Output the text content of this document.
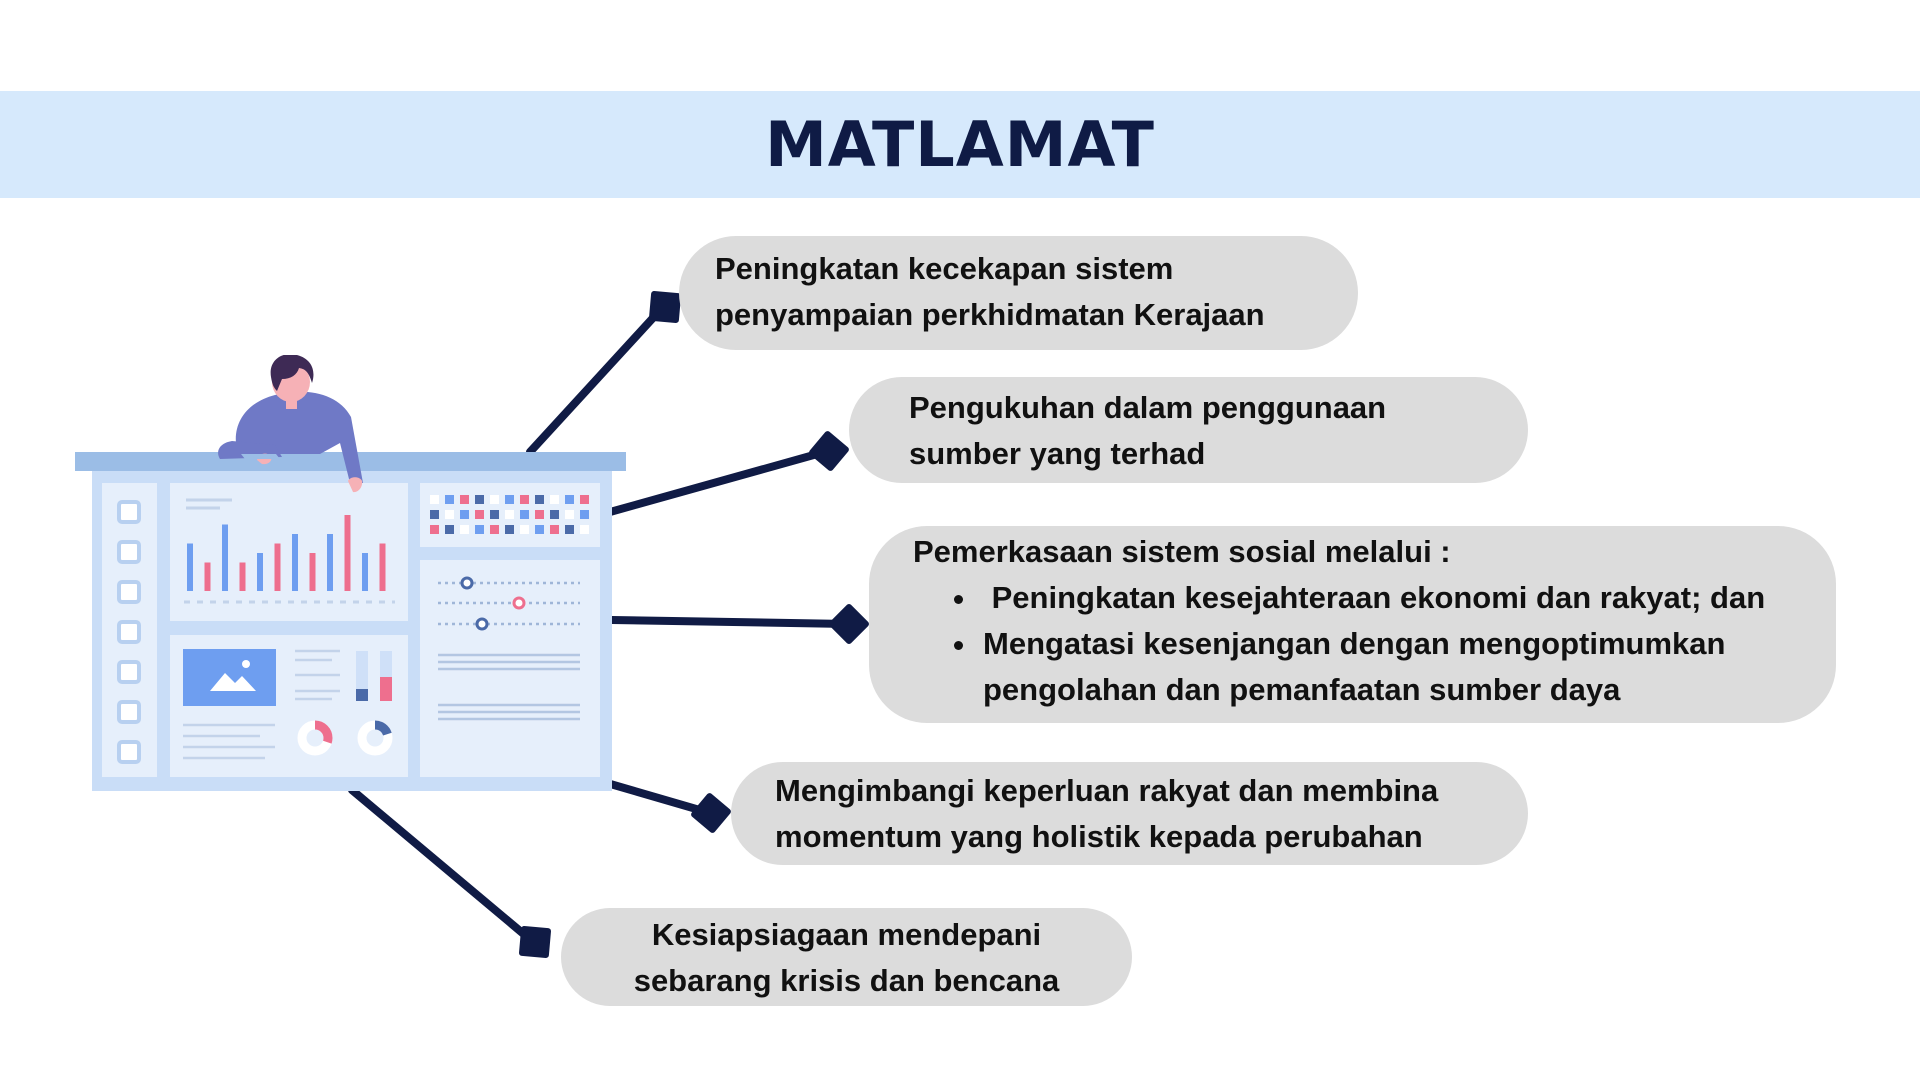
MATLAMAT

Peningkatan kecekapan sistem

penyampaian perkhidmatan Kerajaan

Pengukuhan dalam penggunaan

sumber yang terhad

Pemerkasaan sistem sosial melalui :

•  Peningkatan kesejahteraan ekonomi dan rakyat; dan
• Mengatasi kesenjangan dengan mengoptimumkan pengolahan dan pemanfaatan sumber daya

Mengimbangi keperluan rakyat dan membina

momentum yang holistik kepada perubahan

Kesiapsiagaan mendepani

sebarang krisis dan bencana
